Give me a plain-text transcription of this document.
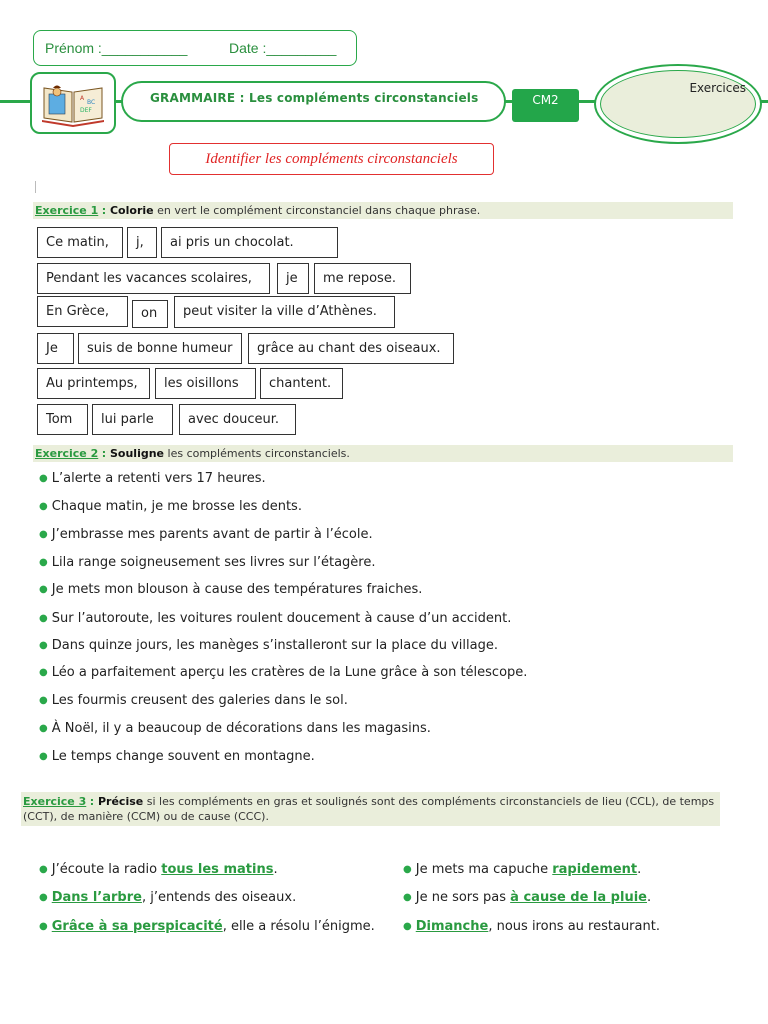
Prénom :___________	Date :_________
A
BC
DEF
GRAMMAIRE : Les compléments circonstanciels	CM2
Exercices
Identifier les compléments circonstanciels
Exercice 1 : Colorie en vert le complément circonstanciel dans chaque phrase.
Ce matin,	j,	ai pris un chocolat.
Pendant les vacances scolaires,	je	me repose.
En Grèce,	on	peut visiter la ville d’Athènes.
Je	suis de bonne humeur	grâce au chant des oiseaux.
Au printemps,	les oisillons	chantent.
Tom	lui parle	avec douceur.
Exercice 2 : Souligne les compléments circonstanciels.
● L’alerte a retenti vers 17 heures.
● Chaque matin, je me brosse les dents.
● J’embrasse mes parents avant de partir à l’école.
● Lila range soigneusement ses livres sur l’étagère.
● Je mets mon blouson à cause des températures fraiches.
● Sur l’autoroute, les voitures roulent doucement à cause d’un accident.
● Dans quinze jours, les manèges s’installeront sur la place du village.
● Léo a parfaitement aperçu les cratères de la Lune grâce à son télescope.
● Les fourmis creusent des galeries dans le sol.
● À Noël, il y a beaucoup de décorations dans les magasins.
● Le temps change souvent en montagne.
Exercice 3 : Précise si les compléments en gras et soulignés sont des compléments circonstanciels de lieu (CCL), de temps (CCT), de manière (CCM) ou de cause (CCC).
● J’écoute la radio tous les matins.	● Je mets ma capuche rapidement.
● Dans l’arbre, j’entends des oiseaux.	● Je ne sors pas à cause de la pluie.
● Grâce à sa perspicacité, elle a résolu l’énigme.	● Dimanche, nous irons au restaurant.
